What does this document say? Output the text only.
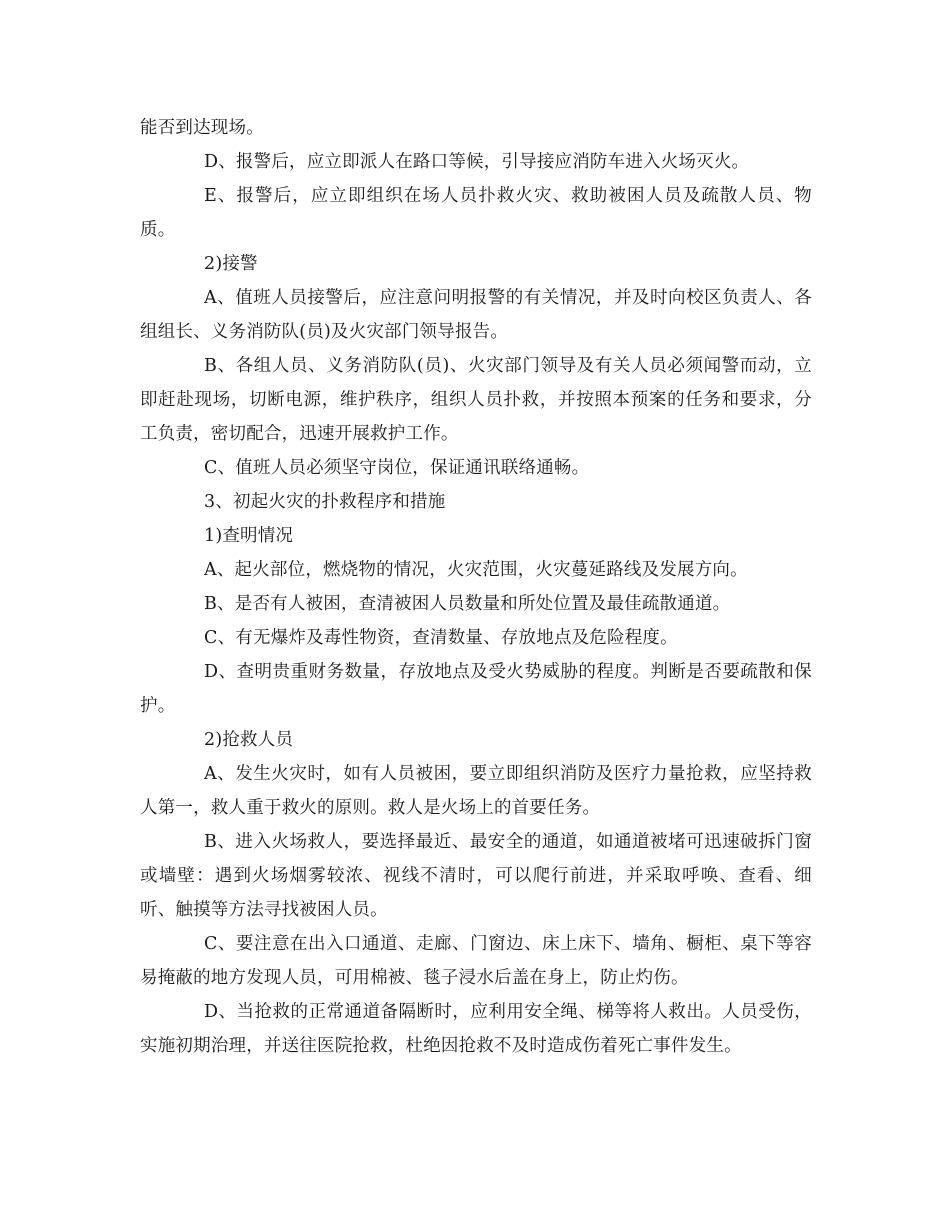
能否到达现场。

D、报警后，应立即派人在路口等候，引导接应消防车进入火场灭火。

E、报警后，应立即组织在场人员扑救火灾、救助被困人员及疏散人员、物质。

2)接警

A、值班人员接警后，应注意问明报警的有关情况，并及时向校区负责人、各组组长、义务消防队(员)及火灾部门领导报告。

B、各组人员、义务消防队(员)、火灾部门领导及有关人员必须闻警而动，立即赶赴现场，切断电源，维护秩序，组织人员扑救，并按照本预案的任务和要求，分工负责，密切配合，迅速开展救护工作。

C、值班人员必须坚守岗位，保证通讯联络通畅。

3、初起火灾的扑救程序和措施

1)查明情况

A、起火部位，燃烧物的情况，火灾范围，火灾蔓延路线及发展方向。

B、是否有人被困，查清被困人员数量和所处位置及最佳疏散通道。

C、有无爆炸及毒性物资，查清数量、存放地点及危险程度。

D、查明贵重财务数量，存放地点及受火势威胁的程度。判断是否要疏散和保护。

2)抢救人员

A、发生火灾时，如有人员被困，要立即组织消防及医疗力量抢救，应坚持救人第一，救人重于救火的原则。救人是火场上的首要任务。

B、进入火场救人，要选择最近、最安全的通道，如通道被堵可迅速破拆门窗或墙壁：遇到火场烟雾较浓、视线不清时，可以爬行前进，并采取呼唤、查看、细听、触摸等方法寻找被困人员。

C、要注意在出入口通道、走廊、门窗边、床上床下、墙角、橱柜、桌下等容易掩蔽的地方发现人员，可用棉被、毯子浸水后盖在身上，防止灼伤。

D、当抢救的正常通道备隔断时，应利用安全绳、梯等将人救出。人员受伤，实施初期治理，并送往医院抢救，杜绝因抢救不及时造成伤着死亡事件发生。
